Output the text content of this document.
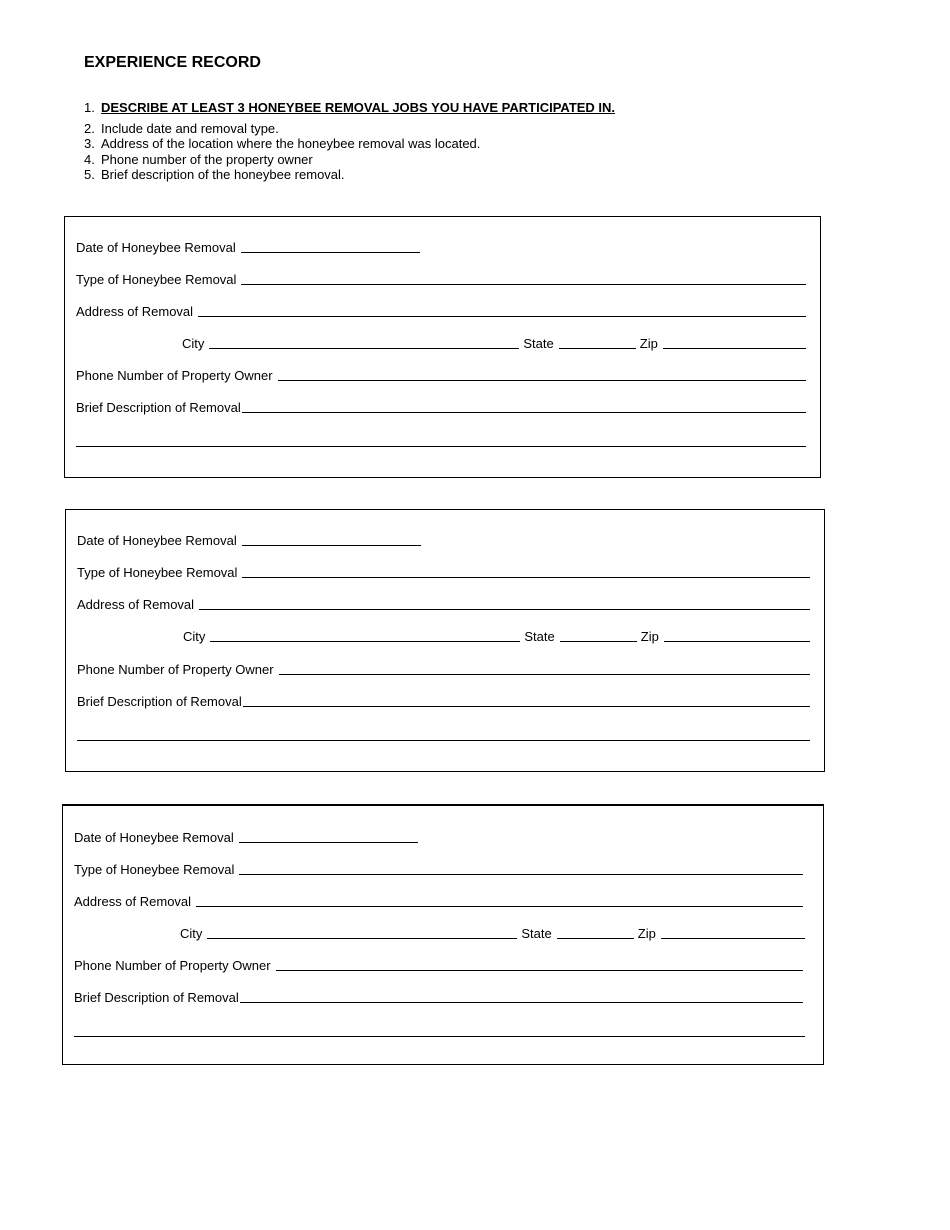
EXPERIENCE RECORD
1. DESCRIBE AT LEAST 3 HONEYBEE REMOVAL JOBS YOU HAVE PARTICIPATED IN.
2. Include date and removal type.
3. Address of the location where the honeybee removal was located.
4. Phone number of the property owner
5. Brief description of the honeybee removal.
Date of Honeybee Removal
Type of Honeybee Removal
Address of Removal
City	State	Zip
Phone Number of Property Owner
Brief Description of Removal
Date of Honeybee Removal
Type of Honeybee Removal
Address of Removal
City	State	Zip
Phone Number of Property Owner
Brief Description of Removal
Date of Honeybee Removal
Type of Honeybee Removal
Address of Removal
City	State	Zip
Phone Number of Property Owner
Brief Description of Removal
